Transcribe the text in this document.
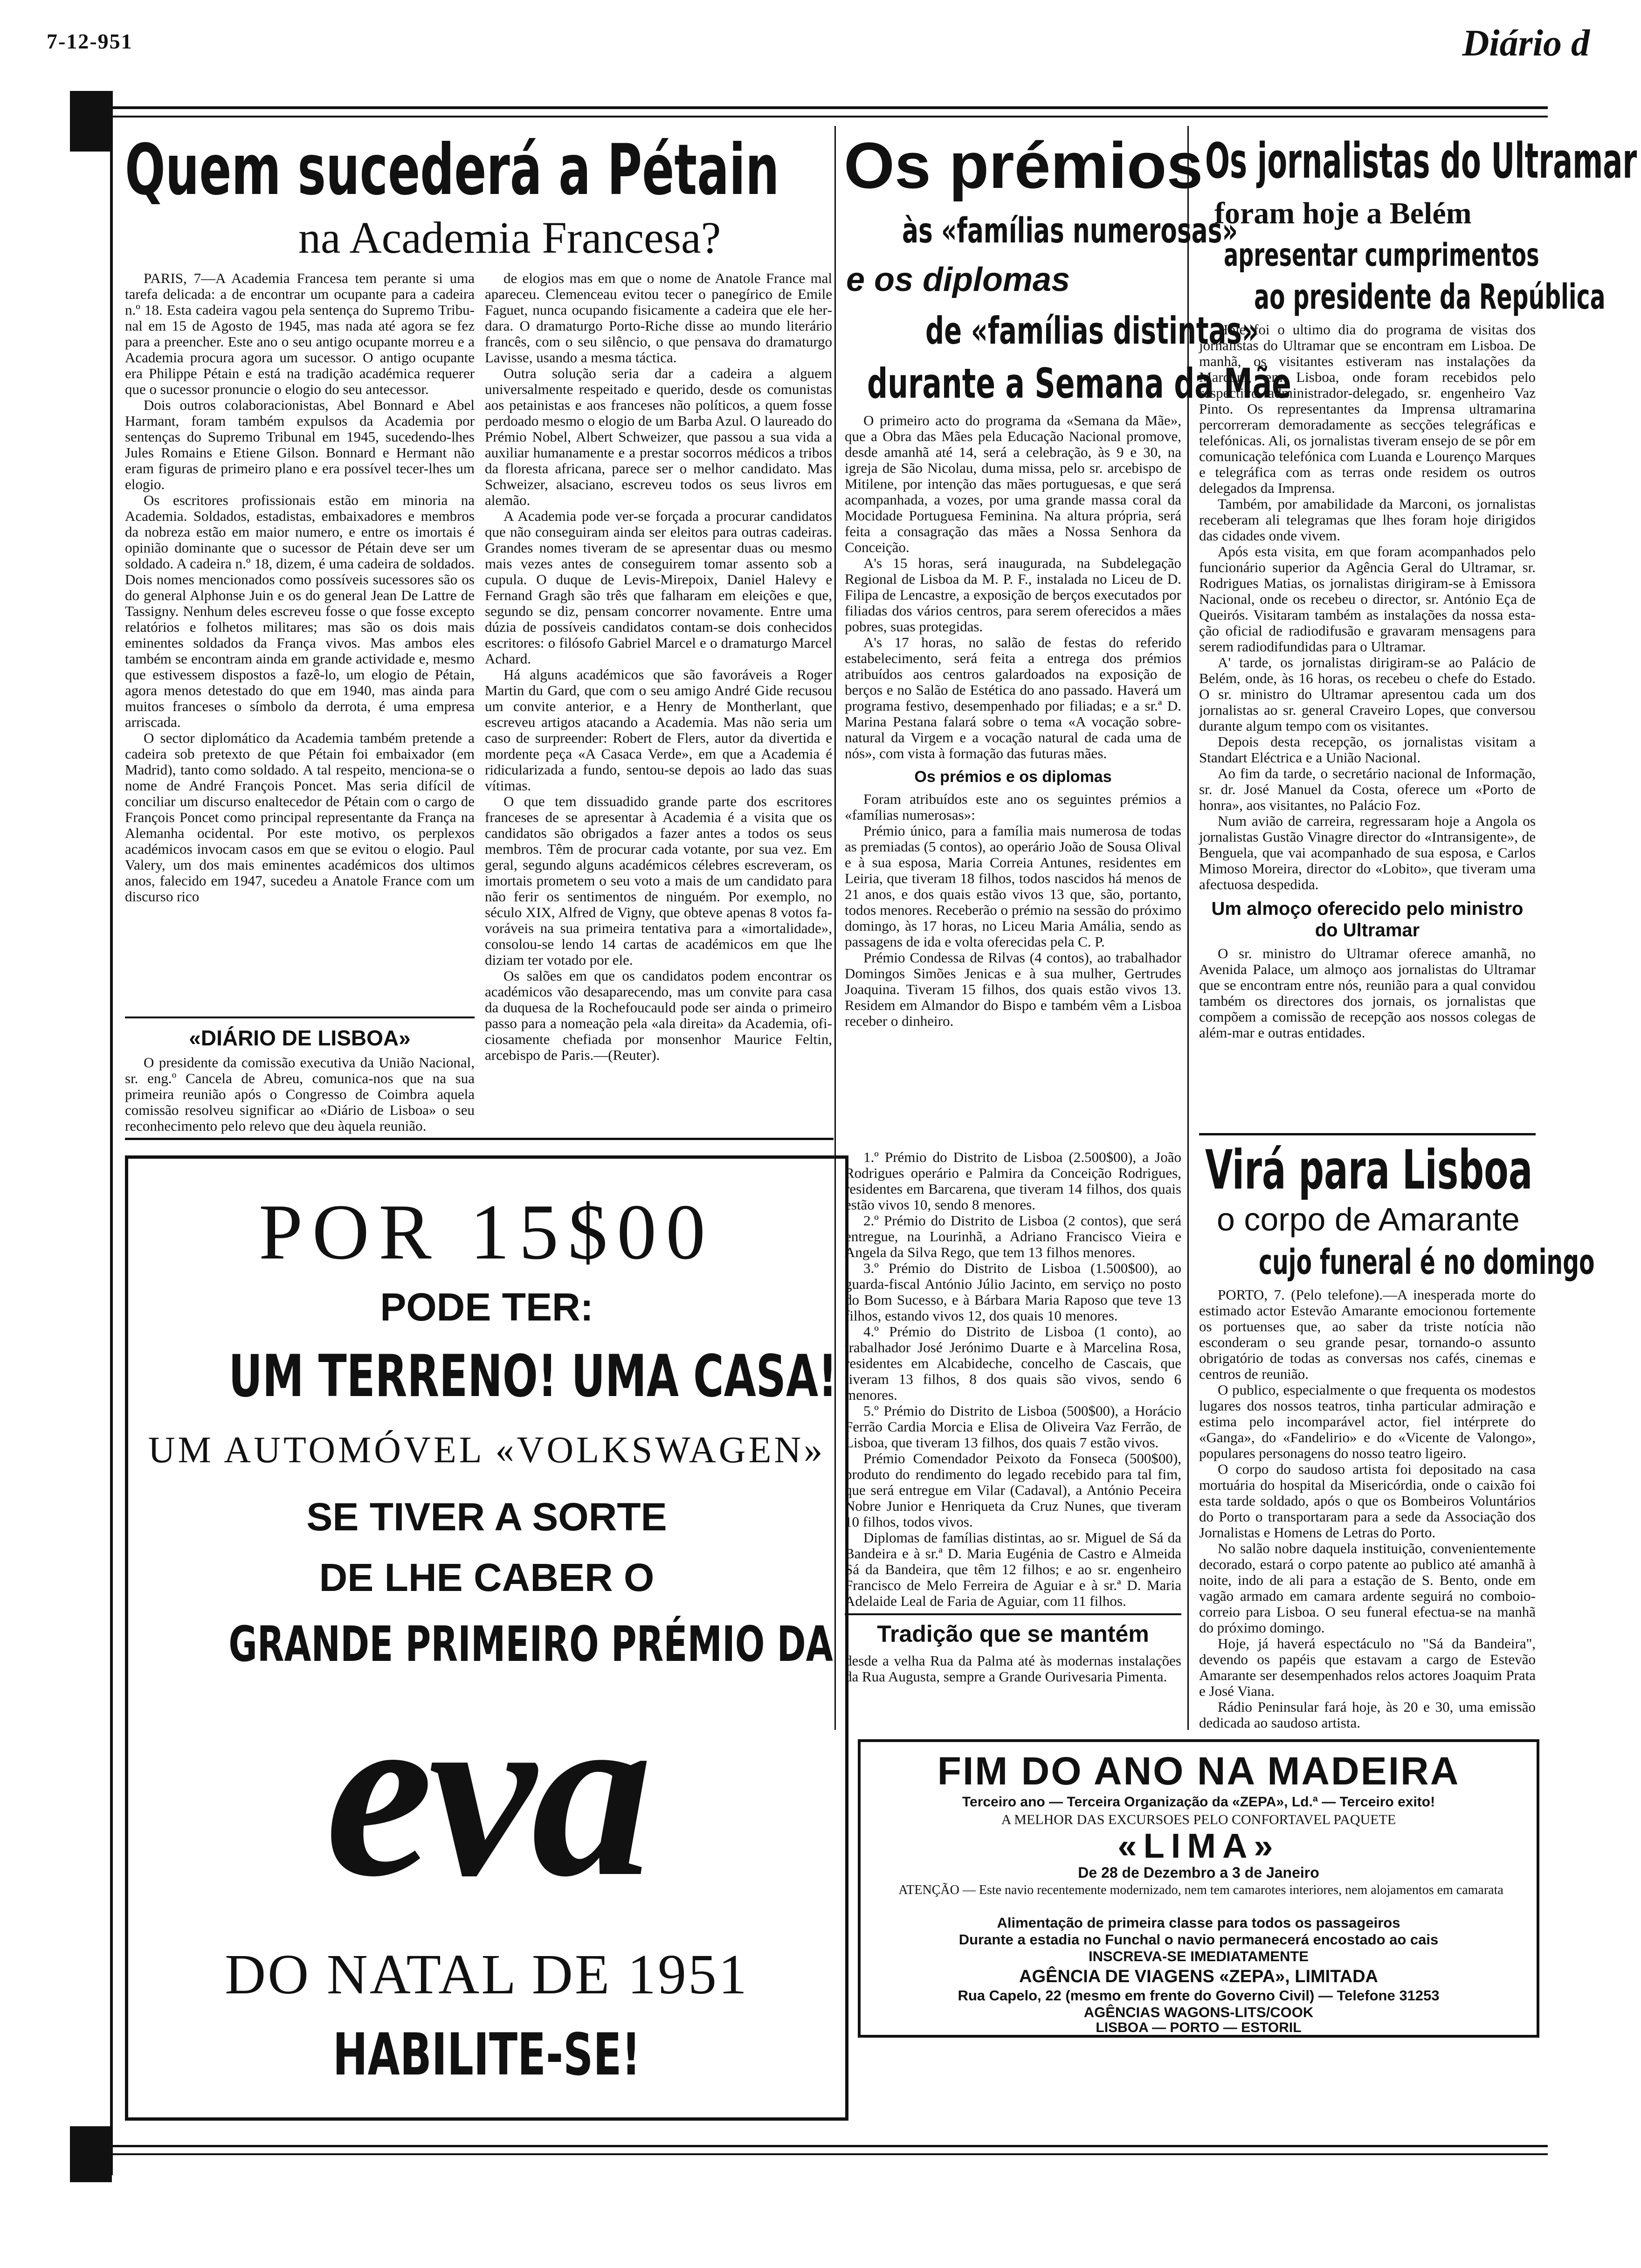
7-12-951	Diário d
Quem sucederá a Pétain
na Academia Francesa?

PARIS, 7—A Academia Francesa tem perante si uma tarefa delicada: a de encontrar um ocupante para a cadeira n.º 18. Esta cadeira vagou pela sentença do Supremo Tribunal em 15 de Agosto de 1945, mas nada até agora se fez para a preencher. Este ano o seu antigo ocupante morreu e a Academia procura agora um sucessor. O antigo ocupante era Philippe Pétain e está na tradição académica requerer que o sucessor pronuncie o elogio do seu antecessor.

Dois outros colaboracionistas, Abel Bonnard e Abel Harmant, foram também expulsos da Academia por sentenças do Supremo Tribunal em 1945, sucedendo-lhes Jules Romains e Etiene Gilson. Bonnard e Hermant não eram figuras de primeiro plano e era possível tecer-lhes um elogio.

Os escritores profissionais estão em minoria na Academia. Soldados, estadistas, embaixadores e membros da nobreza estão em maior numero, e entre os imortais é opinião dominante que o sucessor de Pétain deve ser um soldado. A cadeira n.º 18, dizem, é uma cadeira de soldados. Dois nomes mencionados como possíveis sucessores são os do general Alphonse Juin e os do general Jean De Lattre de Tassigny. Nenhum deles escreveu fosse o que fosse excepto relatórios e folhetos militares; mas são os dois mais eminentes soldados da França vivos. Mas ambos eles também se encontram ainda em grande actividade e, mesmo que estivessem dispostos a fazê-lo, um elogio de Pétain, agora menos detestado do que em 1940, mas ainda para muitos franceses o símbolo da derrota, é uma empresa arriscada.

O sector diplomático da Academia também pretende a cadeira sob pretexto de que Pétain foi embaixador (em Madrid), tanto como soldado. A tal respeito, menciona-se o nome de André François Poncet. Mas seria difícil de conciliar um discurso enaltecedor de Pétain com o cargo de François Poncet como principal representante da França na Alemanha ocidental. Por este motivo, os perplexos académicos invocam casos em que se evitou o elogio. Paul Valery, um dos mais eminentes académicos dos ultimos anos, falecido em 1947, sucedeu a Anatole France com um discurso rico

de elogios mas em que o nome de Anatole France mal apareceu. Clemenceau evitou tecer o panegírico de Emile Faguet, nunca ocupando fisicamente a cadeira que ele herdara. O dramaturgo Porto-Riche disse ao mundo literário francês, com o seu silêncio, o que pensava do dramaturgo Lavisse, usando a mesma táctica.

Outra solução seria dar a cadeira a alguem universalmente respeitado e querido, desde os comunistas aos petainistas e aos franceses não políticos, a quem fosse perdoado mesmo o elogio de um Barba Azul. O laureado do Prémio Nobel, Albert Schweizer, que passou a sua vida a auxiliar humanamente e a prestar socorros médicos a tribos da floresta africana, parece ser o melhor candidato. Mas Schweizer, alsaciano, escreveu todos os seus livros em alemão.

A Academia pode ver-se forçada a procurar candidatos que não conseguiram ainda ser eleitos para outras cadeiras. Grandes nomes tiveram de se apresentar duas ou mesmo mais vezes antes de conseguirem tomar assento sob a cupula. O duque de Levis-Mirepoix, Daniel Halevy e Fernand Gragh são três que falharam em eleições e que, segundo se diz, pensam concorrer novamente. Entre uma dúzia de possíveis candidatos contam-se dois conhecidos escritores: o filósofo Gabriel Marcel e o dramaturgo Marcel Achard.

Há alguns académicos que são favoráveis a Roger Martin du Gard, que com o seu amigo André Gide recusou um convite anterior, e a Henry de Montherlant, que escreveu artigos atacando a Academia. Mas não seria um caso de surpreender: Robert de Flers, autor da divertida e mordente peça «A Casaca Verde», em que a Academia é ridicularizada a fundo, sentou-se depois ao lado das suas vítimas.

O que tem dissuadido grande parte dos escritores franceses de se apresentar à Academia é a visita que os candidatos são obrigados a fazer antes a todos os seus membros. Têm de procurar cada votante, por sua vez. Em geral, segundo alguns académicos célebres escreveram, os imortais prometem o seu voto a mais de um candidato para não ferir os sentimentos de ninguém. Por exemplo, no século XIX, Alfred de Vigny, que obteve apenas 8 votos favoráveis na sua primeira tentativa para a «imortalidade», consolou-se lendo 14 cartas de académicos em que lhe diziam ter votado por ele.

Os salões em que os candidatos podem encontrar os académicos vão desaparecendo, mas um convite para casa da duquesa de la Rochefoucauld pode ser ainda o primeiro passo para a nomeação pela «ala direita» da Academia, oficiosamente chefiada por monsenhor Maurice Feltin, arcebispo de Paris.—(Reuter).

«DIÁRIO DE LISBOA»

O presidente da comissão executiva da União Nacional, sr. eng.º Cancela de Abreu, comunica-nos que na sua primeira reunião após o Congresso de Coimbra aquela comissão resolveu significar ao «Diário de Lisboa» o seu reconhecimento pelo relevo que deu àquela reunião.

POR 15$00
PODE TER:
UM TERRENO! UMA CASA!
UM AUTOMÓVEL «VOLKSWAGEN»
SE TIVER A SORTE
DE LHE CABER O
GRANDE PRIMEIRO PRÉMIO DA
eva
DO NATAL DE 1951
HABILITE-SE!
Os prémios
às «famílias numerosas»
e os diplomas
de «famílias distintas»
durante a Semana da Mãe

O primeiro acto do programa da «Semana da Mãe», que a Obra das Mães pela Educação Nacional promove, desde amanhã até 14, será a celebração, às 9 e 30, na igreja de São Nicolau, duma missa, pelo sr. arcebispo de Mitilene, por intenção das mães portuguesas, e que será acompanhada, a vozes, por uma grande massa coral da Mocidade Portuguesa Feminina. Na altura própria, será feita a consagração das mães a Nossa Senhora da Conceição.

A's 15 horas, será inaugurada, na Subdelegação Regional de Lisboa da M. P. F., instalada no Liceu de D. Filipa de Lencastre, a exposição de berços executados por filiadas dos vários centros, para serem oferecidos a mães pobres, suas protegidas.

A's 17 horas, no salão de festas do referido estabelecimento, será feita a entrega dos prémios atribuídos aos centros galardoados na exposição de berços e no Salão de Estética do ano passado. Haverá um programa festivo, desempenhado por filiadas; e a sr.ª D. Marina Pestana falará sobre o tema «A vocação sobrenatural da Virgem e a vocação natural de cada uma de nós», com vista à formação das futuras mães.

Os prémios e os diplomas

Foram atribuídos este ano os seguintes prémios a «famílias numerosas»:

Prémio único, para a família mais numerosa de todas as premiadas (5 contos), ao operário João de Sousa Olival e à sua esposa, Maria Correia Antunes, residentes em Leiria, que tiveram 18 filhos, todos nascidos há menos de 21 anos, e dos quais estão vivos 13 que, são, portanto, todos menores. Receberão o prémio na sessão do próximo domingo, às 17 horas, no Liceu Maria Amália, sendo as passagens de ida e volta oferecidas pela C. P.

Prémio Condessa de Rilvas (4 contos), ao trabalhador Domingos Simões Jenicas e à sua mulher, Gertrudes Joaquina. Tiveram 15 filhos, dos quais estão vivos 13. Residem em Almandor do Bispo e também vêm a Lisboa receber o dinheiro.

1.º Prémio do Distrito de Lisboa (2.500$00), a João Rodrigues operário e Palmira da Conceição Rodrigues, residentes em Barcarena, que tiveram 14 filhos, dos quais estão vivos 10, sendo 8 menores.

2.º Prémio do Distrito de Lisboa (2 contos), que será entregue, na Lourinhã, a Adriano Francisco Vieira e Angela da Silva Rego, que tem 13 filhos menores.

3.º Prémio do Distrito de Lisboa (1.500$00), ao guarda-fiscal António Júlio Jacinto, em serviço no posto do Bom Sucesso, e à Bárbara Maria Raposo que teve 13 filhos, estando vivos 12, dos quais 10 menores.

4.º Prémio do Distrito de Lisboa (1 conto), ao trabalhador José Jerónimo Duarte e à Marcelina Rosa, residentes em Alcabideche, concelho de Cascais, que tiveram 13 filhos, 8 dos quais são vivos, sendo 6 menores.

5.º Prémio do Distrito de Lisboa (500$00), a Horácio Ferrão Cardia Morcia e Elisa de Oliveira Vaz Ferrão, de Lisboa, que tiveram 13 filhos, dos quais 7 estão vivos.

Prémio Comendador Peixoto da Fonseca (500$00), produto do rendimento do legado recebido para tal fim, que será entregue em Vilar (Cadaval), a António Peceira Nobre Junior e Henriqueta da Cruz Nunes, que tiveram 10 filhos, todos vivos.

Diplomas de famílias distintas, ao sr. Miguel de Sá da Bandeira e à sr.ª D. Maria Eugénia de Castro e Almeida Sá da Bandeira, que têm 12 filhos; e ao sr. engenheiro Francisco de Melo Ferreira de Aguiar e à sr.ª D. Maria Adelaide Leal de Faria de Aguiar, com 11 filhos.

Tradição que se mantém

desde a velha Rua da Palma até às modernas instalações da Rua Augusta, sempre a Grande Ourivesaria Pimenta.

Os jornalistas do Ultramar
foram hoje a Belém
apresentar cumprimentos
ao presidente da República

Hoje foi o ultimo dia do programa de visitas dos jornalistas do Ultramar que se encontram em Lisboa. De manhã, os visitantes estiveram nas instalações da Marconi, em Lisboa, onde foram recebidos pelo respectivo administrador-delegado, sr. engenheiro Vaz Pinto. Os representantes da Imprensa ultramarina percorreram demoradamente as secções telegráficas e telefónicas. Ali, os jornalistas tiveram ensejo de se pôr em comunicação telefónica com Luanda e Lourenço Marques e telegráfica com as terras onde residem os outros delegados da Imprensa.

Também, por amabilidade da Marconi, os jornalistas receberam ali telegramas que lhes foram hoje dirigidos das cidades onde vivem.

Após esta visita, em que foram acompanhados pelo funcionário superior da Agência Geral do Ultramar, sr. Rodrigues Matias, os jornalistas dirigiram-se à Emissora Nacional, onde os recebeu o director, sr. António Eça de Queirós. Visitaram também as instalações da nossa estação oficial de radiodifusão e gravaram mensagens para serem radiodifundidas para o Ultramar.

A' tarde, os jornalistas dirigiram-se ao Palácio de Belém, onde, às 16 horas, os recebeu o chefe do Estado. O sr. ministro do Ultramar apresentou cada um dos jornalistas ao sr. general Craveiro Lopes, que conversou durante algum tempo com os visitantes.

Depois desta recepção, os jornalistas visitam a Standart Eléctrica e a União Nacional.

Ao fim da tarde, o secretário nacional de Informação, sr. dr. José Manuel da Costa, oferece um «Porto de honra», aos visitantes, no Palácio Foz.

Num avião de carreira, regressaram hoje a Angola os jornalistas Gustão Vinagre director do «Intransigente», de Benguela, que vai acompanhado de sua esposa, e Carlos Mimoso Moreira, director do «Lobito», que tiveram uma afectuosa despedida.

Um almoço oferecido pelo ministro do Ultramar

O sr. ministro do Ultramar oferece amanhã, no Avenida Palace, um almoço aos jornalistas do Ultramar que se encontram entre nós, reunião para a qual convidou também os directores dos jornais, os jornalistas que compõem a comissão de recepção aos nossos colegas de além-mar e outras entidades.

Virá para Lisboa
o corpo de Amarante
cujo funeral é no domingo

PORTO, 7. (Pelo telefone).—A inesperada morte do estimado actor Estevão Amarante emocionou fortemente os portuenses que, ao saber da triste notícia não esconderam o seu grande pesar, tornando-o assunto obrigatório de todas as conversas nos cafés, cinemas e centros de reunião.

O publico, especialmente o que frequenta os modestos lugares dos nossos teatros, tinha particular admiração e estima pelo incomparável actor, fiel intérprete do «Ganga», do «Fandelirio» e do «Vicente de Valongo», populares personagens do nosso teatro ligeiro.

O corpo do saudoso artista foi depositado na casa mortuária do hospital da Misericórdia, onde o caixão foi esta tarde soldado, após o que os Bombeiros Voluntários do Porto o transportaram para a sede da Associação dos Jornalistas e Homens de Letras do Porto.

No salão nobre daquela instituição, convenientemente decorado, estará o corpo patente ao publico até amanhã à noite, indo de ali para a estação de S. Bento, onde em vagão armado em camara ardente seguirá no comboio-correio para Lisboa. O seu funeral efectua-se na manhã do próximo domingo.

Hoje, já haverá espectáculo no "Sá da Bandeira", devendo os papéis que estavam a cargo de Estevão Amarante ser desempenhados relos actores Joaquim Prata e José Viana.

Rádio Peninsular fará hoje, às 20 e 30, uma emissão dedicada ao saudoso artista.

FIM DO ANO NA MADEIRA
Terceiro ano — Terceira Organização da «ZEPA», Ld.ª — Terceiro exito!
A MELHOR DAS EXCURSOES PELO CONFORTAVEL PAQUETE
«LIMA»
De 28 de Dezembro a 3 de Janeiro
ATENÇÃO — Este navio recentemente modernizado, nem tem camarotes interiores, nem alojamentos em camarata
Alimentação de primeira classe para todos os passageiros
Durante a estadia no Funchal o navio permanecerá encostado ao cais
INSCREVA-SE IMEDIATAMENTE
AGÊNCIA DE VIAGENS «ZEPA», LIMITADA
Rua Capelo, 22 (mesmo em frente do Governo Civil) — Telefone 31253
AGÊNCIAS WAGONS-LITS/COOK
LISBOA — PORTO — ESTORIL
